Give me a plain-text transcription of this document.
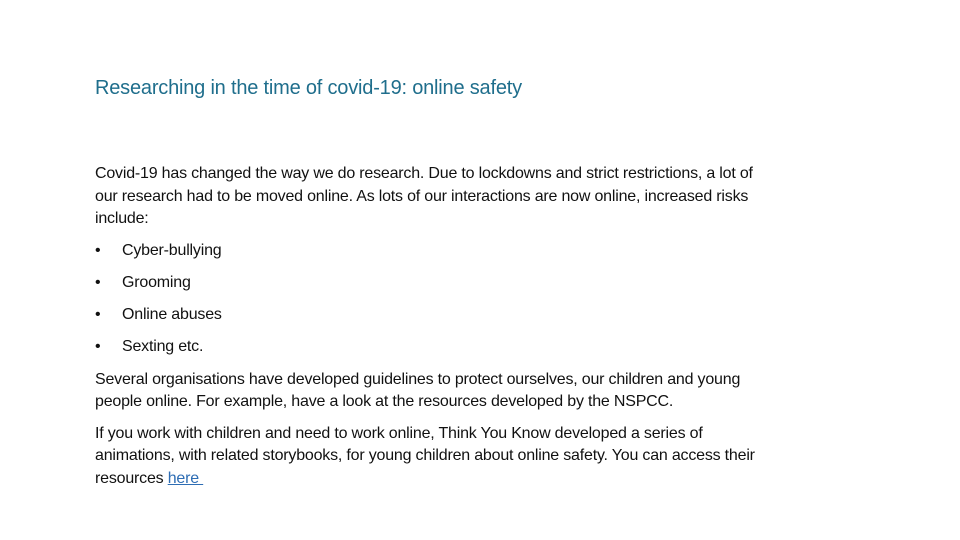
Researching in the time of covid-19: online safety
Covid-19 has changed the way we do research. Due to lockdowns and strict restrictions, a lot of
our research had to be moved online. As lots of our interactions are now online, increased risks
include:
• Cyber-bullying
• Grooming
• Online abuses
• Sexting etc.
Several organisations have developed guidelines to protect ourselves, our children and young
people online. For example, have a look at the resources developed by the NSPCC.
If you work with children and need to work online, Think You Know developed a series of
animations, with related storybooks, for young children about online safety. You can access their
resources here
